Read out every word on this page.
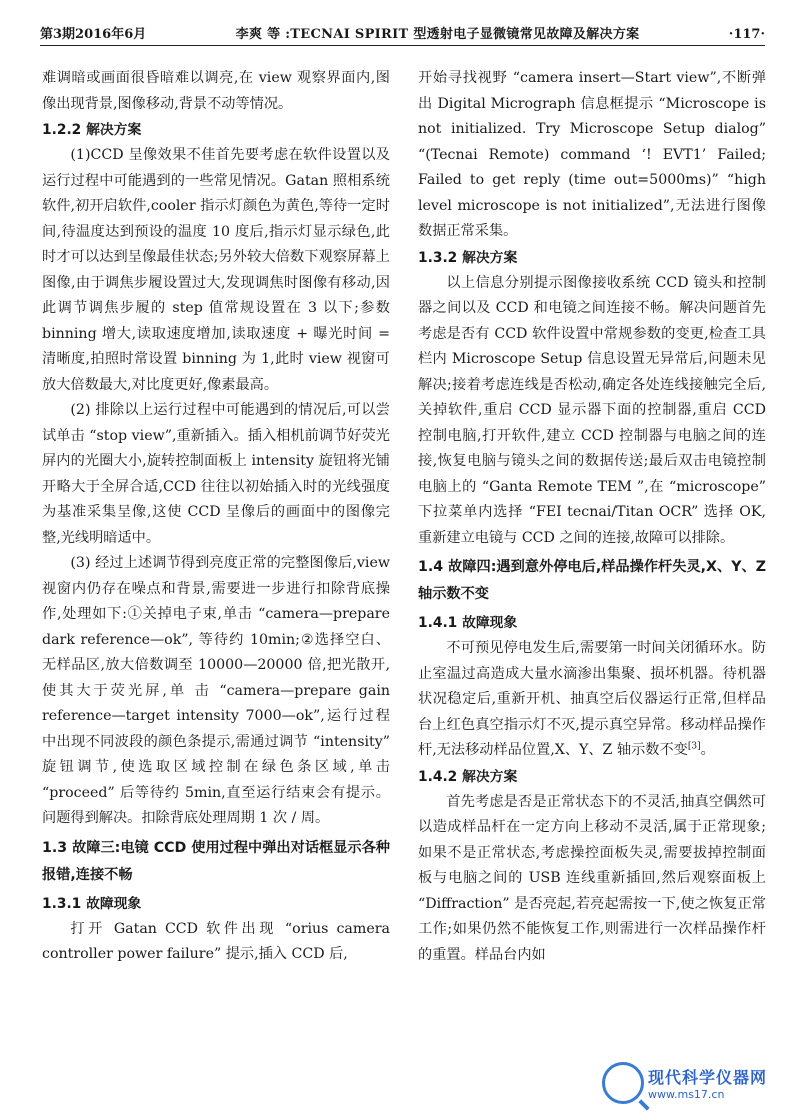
第3期2016年6月	李爽 等 :TECNAI SPIRIT 型透射电子显微镜常见故障及解决方案	·117·

难调暗或画面很昏暗难以调亮,在 view 观察界面内,图像出现背景,图像移动,背景不动等情况。

1.2.2 解决方案

(1)CCD 呈像效果不佳首先要考虑在软件设置以及运行过程中可能遇到的一些常见情况。Gatan 照相系统软件,初开启软件,cooler 指示灯颜色为黄色,等待一定时间,待温度达到预设的温度 10 度后,指示灯显示绿色,此时才可以达到呈像最佳状态;另外较大倍数下观察屏幕上图像,由于调焦步履设置过大,发现调焦时图像有移动,因此调节调焦步履的 step 值常规设置在 3 以下;参数 binning 增大,读取速度增加,读取速度 + 曝光时间 = 清晰度,拍照时常设置 binning 为 1,此时 view 视窗可放大倍数最大,对比度更好,像素最高。

(2) 排除以上运行过程中可能遇到的情况后,可以尝试单击 “stop view”,重新插入。插入相机前调节好荧光屏内的光圈大小,旋转控制面板上 intensity 旋钮将光铺开略大于全屏合适,CCD 往往以初始插入时的光线强度为基准采集呈像,这使 CCD 呈像后的画面中的图像完整,光线明暗适中。

(3) 经过上述调节得到亮度正常的完整图像后,view 视窗内仍存在噪点和背景,需要进一步进行扣除背底操作,处理如下:①关掉电子束,单击 “camera—prepare dark reference—ok”, 等待约 10min;②选择空白、无样品区,放大倍数调至 10000—20000 倍,把光散开,使其大于荧光屏,单 击 “camera—prepare gain reference—target intensity 7000—ok”,运行过程中出现不同波段的颜色条提示,需通过调节 “intensity” 旋钮调节,使选取区域控制在绿色条区域,单击 “proceed” 后等待约 5min,直至运行结束会有提示。问题得到解决。扣除背底处理周期 1 次 / 周。

1.3 故障三:电镜 CCD 使用过程中弹出对话框显示各种报错,连接不畅
1.3.1 故障现象

打开 Gatan CCD 软件出现 “orius camera controller power failure” 提示,插入 CCD 后,

开始寻找视野 “camera insert—Start view”,不断弹出 Digital Micrograph 信息框提示 “Microscope is not initialized. Try Microscope Setup dialog” “(Tecnai Remote) command ‘! EVT1’ Failed; Failed to get reply (time out=5000ms)” “high level microscope is not initialized”,无法进行图像数据正常采集。

1.3.2 解决方案

以上信息分别提示图像接收系统 CCD 镜头和控制器之间以及 CCD 和电镜之间连接不畅。解决问题首先考虑是否有 CCD 软件设置中常规参数的变更,检查工具栏内 Microscope Setup 信息设置无异常后,问题未见解决;接着考虑连线是否松动,确定各处连线接触完全后,关掉软件,重启 CCD 显示器下面的控制器,重启 CCD 控制电脑,打开软件,建立 CCD 控制器与电脑之间的连接,恢复电脑与镜头之间的数据传送;最后双击电镜控制电脑上的 “Ganta Remote TEM ”,在 “microscope” 下拉菜单内选择 “FEI tecnai/Titan OCR” 选择 OK,重新建立电镜与 CCD 之间的连接,故障可以排除。

1.4 故障四:遇到意外停电后,样品操作杆失灵,X、Y、Z 轴示数不变
1.4.1 故障现象

不可预见停电发生后,需要第一时间关闭循环水。防止室温过高造成大量水滴渗出集聚、损坏机器。待机器状况稳定后,重新开机、抽真空后仪器运行正常,但样品台上红色真空指示灯不灭,提示真空异常。移动样品操作杆,无法移动样品位置,X、Y、Z 轴示数不变[3]。

1.4.2 解决方案

首先考虑是否是正常状态下的不灵活,抽真空偶然可以造成样品杆在一定方向上移动不灵活,属于正常现象;如果不是正常状态,考虑操控面板失灵,需要拔掉控制面板与电脑之间的 USB 连线重新插回,然后观察面板上 “Diffraction” 是否亮起,若亮起需按一下,使之恢复正常工作;如果仍然不能恢复工作,则需进行一次样品操作杆的重置。样品台内如

现代科学仪器网
www.ms17.cn
